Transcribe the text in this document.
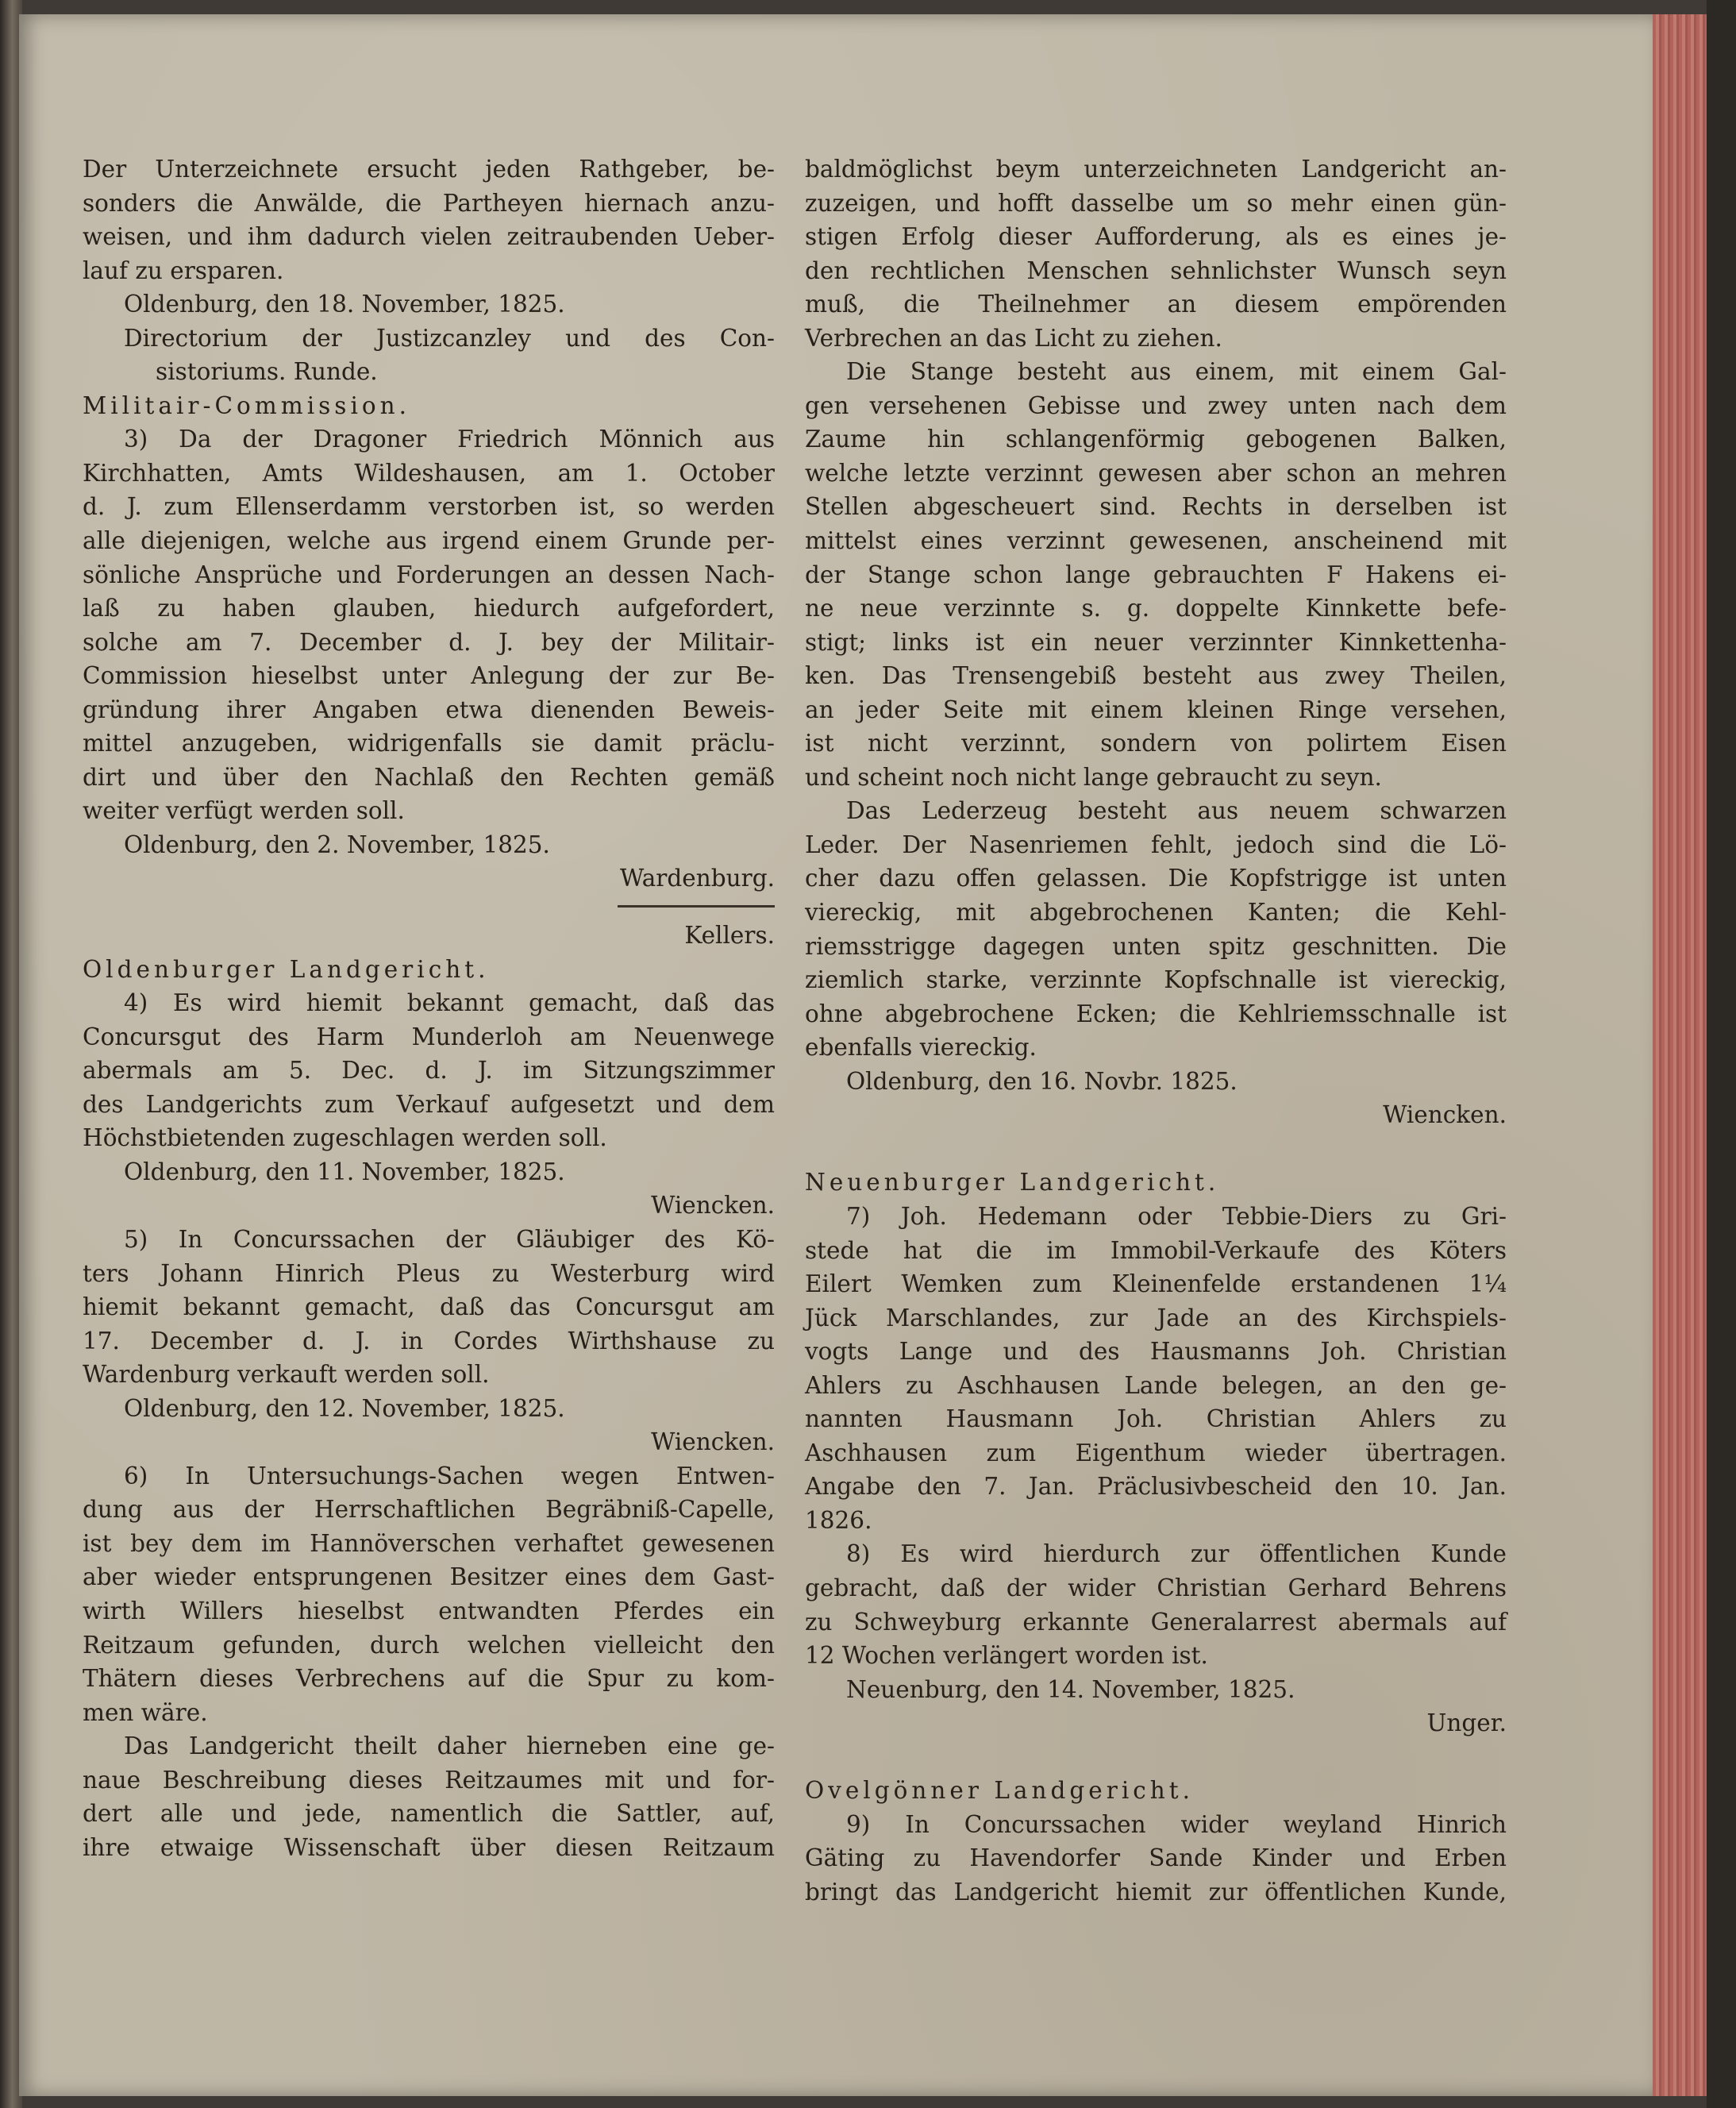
Der Unterzeichnete ersucht jeden Rathgeber, be-
sonders die Anwälde, die Partheyen hiernach anzu-
weisen, und ihm dadurch vielen zeitraubenden Ueber-
lauf zu ersparen.
Oldenburg, den 18. November, 1825.
Directorium der Justizcanzley und des Con-
sistoriums. Runde.
Militair-Commission.
3) Da der Dragoner Friedrich Mönnich aus
Kirchhatten, Amts Wildeshausen, am 1. October
d. J. zum Ellenserdamm verstorben ist, so werden
alle diejenigen, welche aus irgend einem Grunde per-
sönliche Ansprüche und Forderungen an dessen Nach-
laß zu haben glauben, hiedurch aufgefordert,
solche am 7. December d. J. bey der Militair-
Commission hieselbst unter Anlegung der zur Be-
gründung ihrer Angaben etwa dienenden Beweis-
mittel anzugeben, widrigenfalls sie damit präclu-
dirt und über den Nachlaß den Rechten gemäß
weiter verfügt werden soll.
Oldenburg, den 2. November, 1825.
Wardenburg.
Kellers.
Oldenburger Landgericht.
4) Es wird hiemit bekannt gemacht, daß das
Concursgut des Harm Munderloh am Neuenwege
abermals am 5. Dec. d. J. im Sitzungszimmer
des Landgerichts zum Verkauf aufgesetzt und dem
Höchstbietenden zugeschlagen werden soll.
Oldenburg, den 11. November, 1825.
Wiencken.
5) In Concurssachen der Gläubiger des Kö-
ters Johann Hinrich Pleus zu Westerburg wird
hiemit bekannt gemacht, daß das Concursgut am
17. December d. J. in Cordes Wirthshause zu
Wardenburg verkauft werden soll.
Oldenburg, den 12. November, 1825.
Wiencken.
6) In Untersuchungs-Sachen wegen Entwen-
dung aus der Herrschaftlichen Begräbniß-Capelle,
ist bey dem im Hannöverschen verhaftet gewesenen
aber wieder entsprungenen Besitzer eines dem Gast-
wirth Willers hieselbst entwandten Pferdes ein
Reitzaum gefunden, durch welchen vielleicht den
Thätern dieses Verbrechens auf die Spur zu kom-
men wäre.
Das Landgericht theilt daher hierneben eine ge-
naue Beschreibung dieses Reitzaumes mit und for-
dert alle und jede, namentlich die Sattler, auf,
ihre etwaige Wissenschaft über diesen Reitzaum
baldmöglichst beym unterzeichneten Landgericht an-
zuzeigen, und hofft dasselbe um so mehr einen gün-
stigen Erfolg dieser Aufforderung, als es eines je-
den rechtlichen Menschen sehnlichster Wunsch seyn
muß, die Theilnehmer an diesem empörenden
Verbrechen an das Licht zu ziehen.
Die Stange besteht aus einem, mit einem Gal-
gen versehenen Gebisse und zwey unten nach dem
Zaume hin schlangenförmig gebogenen Balken,
welche letzte verzinnt gewesen aber schon an mehren
Stellen abgescheuert sind. Rechts in derselben ist
mittelst eines verzinnt gewesenen, anscheinend mit
der Stange schon lange gebrauchten F Hakens ei-
ne neue verzinnte s. g. doppelte Kinnkette befe-
stigt; links ist ein neuer verzinnter Kinnkettenha-
ken. Das Trensengebiß besteht aus zwey Theilen,
an jeder Seite mit einem kleinen Ringe versehen,
ist nicht verzinnt, sondern von polirtem Eisen
und scheint noch nicht lange gebraucht zu seyn.
Das Lederzeug besteht aus neuem schwarzen
Leder. Der Nasenriemen fehlt, jedoch sind die Lö-
cher dazu offen gelassen. Die Kopfstrigge ist unten
viereckig, mit abgebrochenen Kanten; die Kehl-
riemsstrigge dagegen unten spitz geschnitten. Die
ziemlich starke, verzinnte Kopfschnalle ist viereckig,
ohne abgebrochene Ecken; die Kehlriemsschnalle ist
ebenfalls viereckig.
Oldenburg, den 16. Novbr. 1825.
Wiencken.
Neuenburger Landgericht.
7) Joh. Hedemann oder Tebbie-Diers zu Gri-
stede hat die im Immobil-Verkaufe des Köters
Eilert Wemken zum Kleinenfelde erstandenen 1¼
Jück Marschlandes, zur Jade an des Kirchspiels-
vogts Lange und des Hausmanns Joh. Christian
Ahlers zu Aschhausen Lande belegen, an den ge-
nannten Hausmann Joh. Christian Ahlers zu
Aschhausen zum Eigenthum wieder übertragen.
Angabe den 7. Jan. Präclusivbescheid den 10. Jan.
1826.
8) Es wird hierdurch zur öffentlichen Kunde
gebracht, daß der wider Christian Gerhard Behrens
zu Schweyburg erkannte Generalarrest abermals auf
12 Wochen verlängert worden ist.
Neuenburg, den 14. November, 1825.
Unger.
Ovelgönner Landgericht.
9) In Concurssachen wider weyland Hinrich
Gäting zu Havendorfer Sande Kinder und Erben
bringt das Landgericht hiemit zur öffentlichen Kunde,
